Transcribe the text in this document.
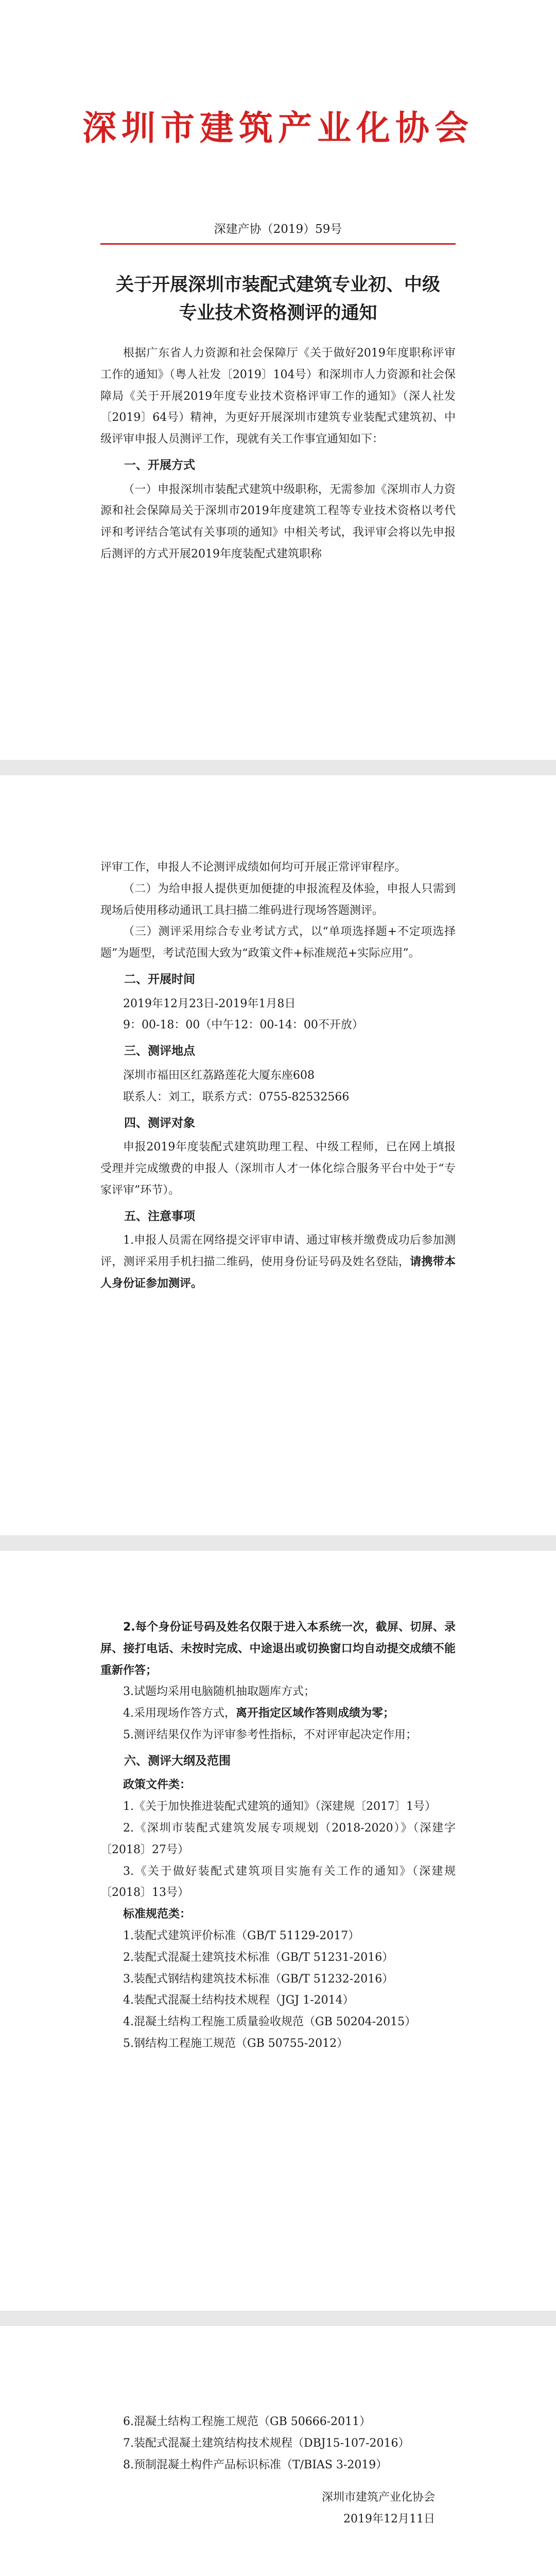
深圳市建筑产业化协会
深建产协（2019）59号
关于开展深圳市装配式建筑专业初、中级
专业技术资格测评的通知

根据广东省人力资源和社会保障厅《关于做好2019年度职称评审工作的通知》（粤人社发〔2019〕104号）和深圳市人力资源和社会保障局《关于开展2019年度专业技术资格评审工作的通知》（深人社发〔2019〕64号）精神，为更好开展深圳市建筑专业装配式建筑初、中级评审申报人员测评工作，现就有关工作事宜通知如下：

一、开展方式

（一）申报深圳市装配式建筑中级职称，无需参加《深圳市人力资源和社会保障局关于深圳市2019年度建筑工程等专业技术资格以考代评和考评结合笔试有关事项的通知》中相关考试，我评审会将以先申报后测评的方式开展2019年度装配式建筑职称

评审工作，申报人不论测评成绩如何均可开展正常评审程序。

（二）为给申报人提供更加便捷的申报流程及体验，申报人只需到现场后使用移动通讯工具扫描二维码进行现场答题测评。

（三）测评采用综合专业考试方式，以“单项选择题+不定项选择题”为题型，考试范围大致为“政策文件+标准规范+实际应用”。

二、开展时间

2019年12月23日-2019年1月8日

9：00-18：00（中午12：00-14：00不开放）

三、测评地点

深圳市福田区红荔路莲花大厦东座608

联系人：刘工，联系方式：0755-82532566

四、测评对象

申报2019年度装配式建筑助理工程、中级工程师，已在网上填报受理并完成缴费的申报人（深圳市人才一体化综合服务平台中处于“专家评审”环节）。

五、注意事项

1.申报人员需在网络提交评审申请、通过审核并缴费成功后参加测评，测评采用手机扫描二维码，使用身份证号码及姓名登陆，请携带本人身份证参加测评。

2.每个身份证号码及姓名仅限于进入本系统一次，截屏、切屏、录屏、接打电话、未按时完成、中途退出或切换窗口均自动提交成绩不能重新作答；

3.试题均采用电脑随机抽取题库方式；

4.采用现场作答方式，离开指定区域作答则成绩为零；

5.测评结果仅作为评审参考性指标，不对评审起决定作用；

六、测评大纲及范围

政策文件类：

1.《关于加快推进装配式建筑的通知》（深建规〔2017〕1号）

2.《深圳市装配式建筑发展专项规划（2018-2020）》（深建字〔2018〕27号）

3.《关于做好装配式建筑项目实施有关工作的通知》（深建规〔2018〕13号）

标准规范类：

1.装配式建筑评价标准（GB/T 51129-2017）

2.装配式混凝土建筑技术标准（GB/T 51231-2016）

3.装配式钢结构建筑技术标准（GB/T 51232-2016）

4.装配式混凝土结构技术规程（JGJ 1-2014）

4.混凝土结构工程施工质量验收规范（GB 50204-2015）

5.钢结构工程施工规范（GB 50755-2012）

6.混凝土结构工程施工规范（GB 50666-2011）

7.装配式混凝土建筑结构技术规程（DBJ15-107-2016）

8.预制混凝土构件产品标识标准（T/BIAS 3-2019）

深圳市建筑产业化协会

2019年12月11日
